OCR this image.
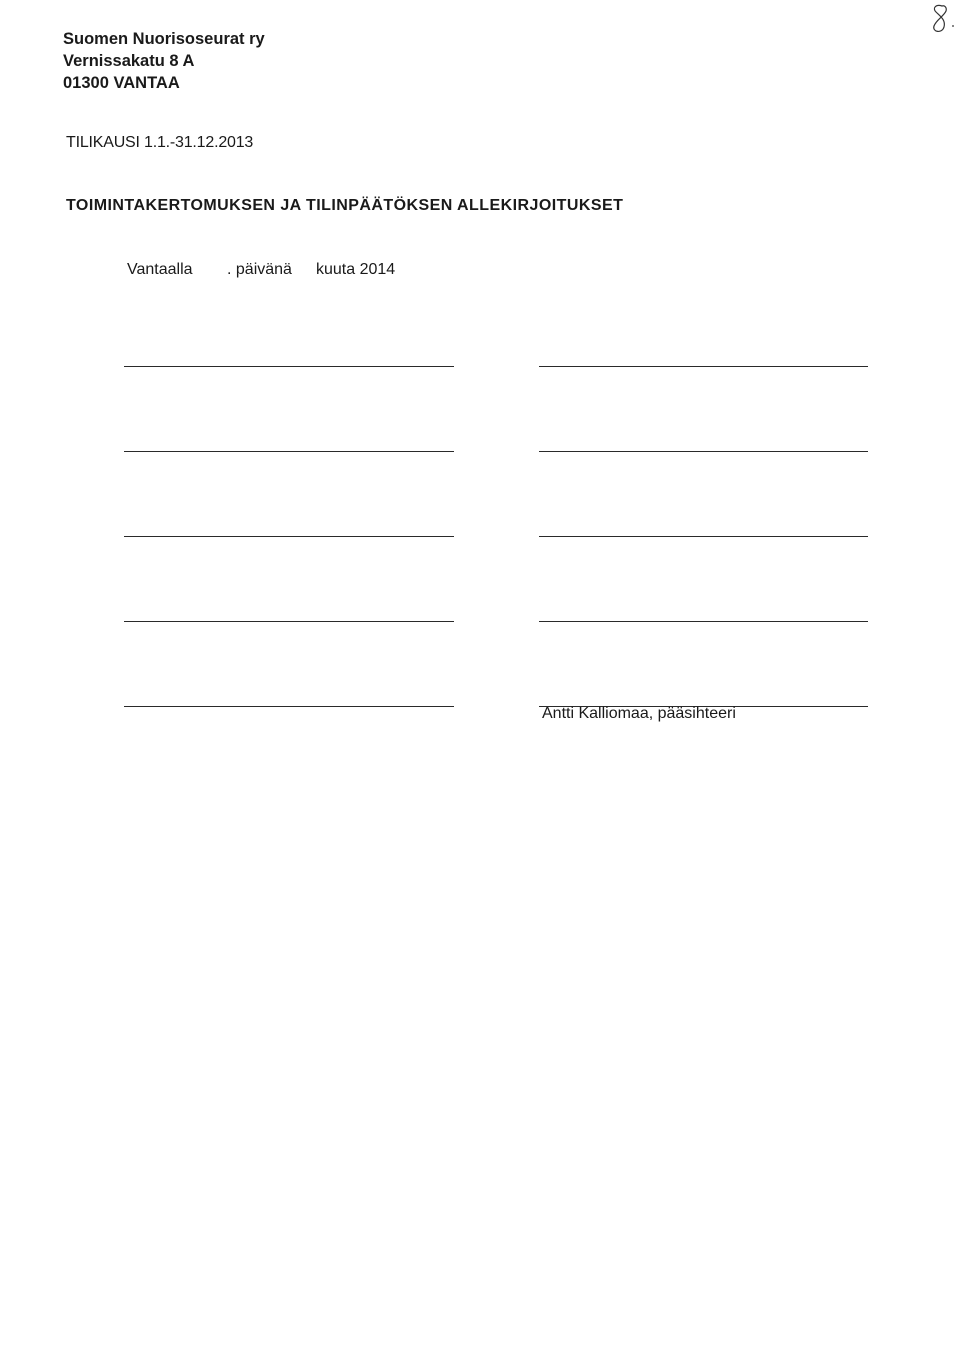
Suomen Nuorisoseurat ry
Vernissakatu 8 A
01300 VANTAA
TILIKAUSI 1.1.-31.12.2013
TOIMINTAKERTOMUKSEN JA TILINPÄÄTÖKSEN ALLEKIRJOITUKSET
Vantaalla . päivänä kuuta 2014
Antti Kalliomaa, pääsihteeri
